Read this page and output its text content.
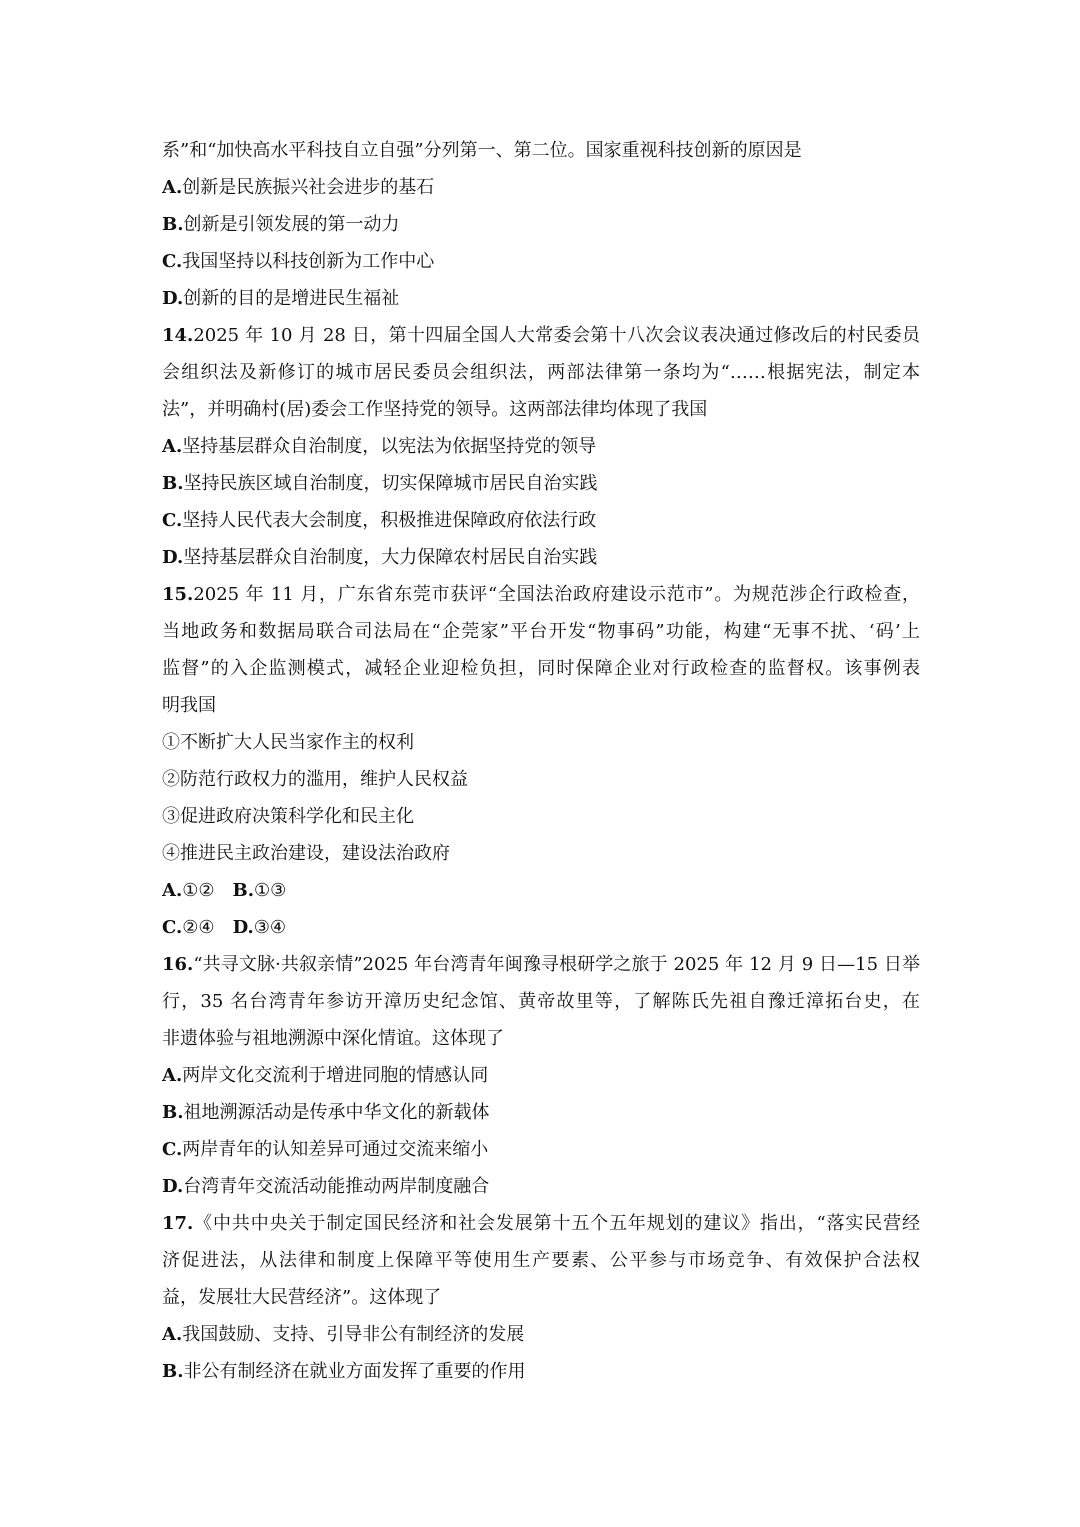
系”和“加快高水平科技自立自强”分列第一、第二位。国家重视科技创新的原因是
A.创新是民族振兴社会进步的基石
B.创新是引领发展的第一动力
C.我国坚持以科技创新为工作中心
D.创新的目的是增进民生福祉
14.2025 年 10 月 28 日，第十四届全国人大常委会第十八次会议表决通过修改后的村民委员
会组织法及新修订的城市居民委员会组织法，两部法律第一条均为“……根据宪法，制定本
法”，并明确村(居)委会工作坚持党的领导。这两部法律均体现了我国
A.坚持基层群众自治制度，以宪法为依据坚持党的领导
B.坚持民族区域自治制度，切实保障城市居民自治实践
C.坚持人民代表大会制度，积极推进保障政府依法行政
D.坚持基层群众自治制度，大力保障农村居民自治实践
15.2025 年 11 月，广东省东莞市获评“全国法治政府建设示范市”。为规范涉企行政检查，
当地政务和数据局联合司法局在“企莞家”平台开发“物事码”功能，构建“无事不扰、‘码’上
监督”的入企监测模式，减轻企业迎检负担，同时保障企业对行政检查的监督权。该事例表
明我国
①不断扩大人民当家作主的权利
②防范行政权力的滥用，维护人民权益
③促进政府决策科学化和民主化
④推进民主政治建设，建设法治政府
A.①② B.①③
C.②④ D.③④
16.“共寻文脉·共叙亲情”2025 年台湾青年闽豫寻根研学之旅于 2025 年 12 月 9 日—15 日举
行，35 名台湾青年参访开漳历史纪念馆、黄帝故里等，了解陈氏先祖自豫迁漳拓台史，在
非遗体验与祖地溯源中深化情谊。这体现了
A.两岸文化交流利于增进同胞的情感认同
B.祖地溯源活动是传承中华文化的新载体
C.两岸青年的认知差异可通过交流来缩小
D.台湾青年交流活动能推动两岸制度融合
17.《中共中央关于制定国民经济和社会发展第十五个五年规划的建议》指出，“落实民营经
济促进法，从法律和制度上保障平等使用生产要素、公平参与市场竞争、有效保护合法权
益，发展壮大民营经济”。这体现了
A.我国鼓励、支持、引导非公有制经济的发展
B.非公有制经济在就业方面发挥了重要的作用
